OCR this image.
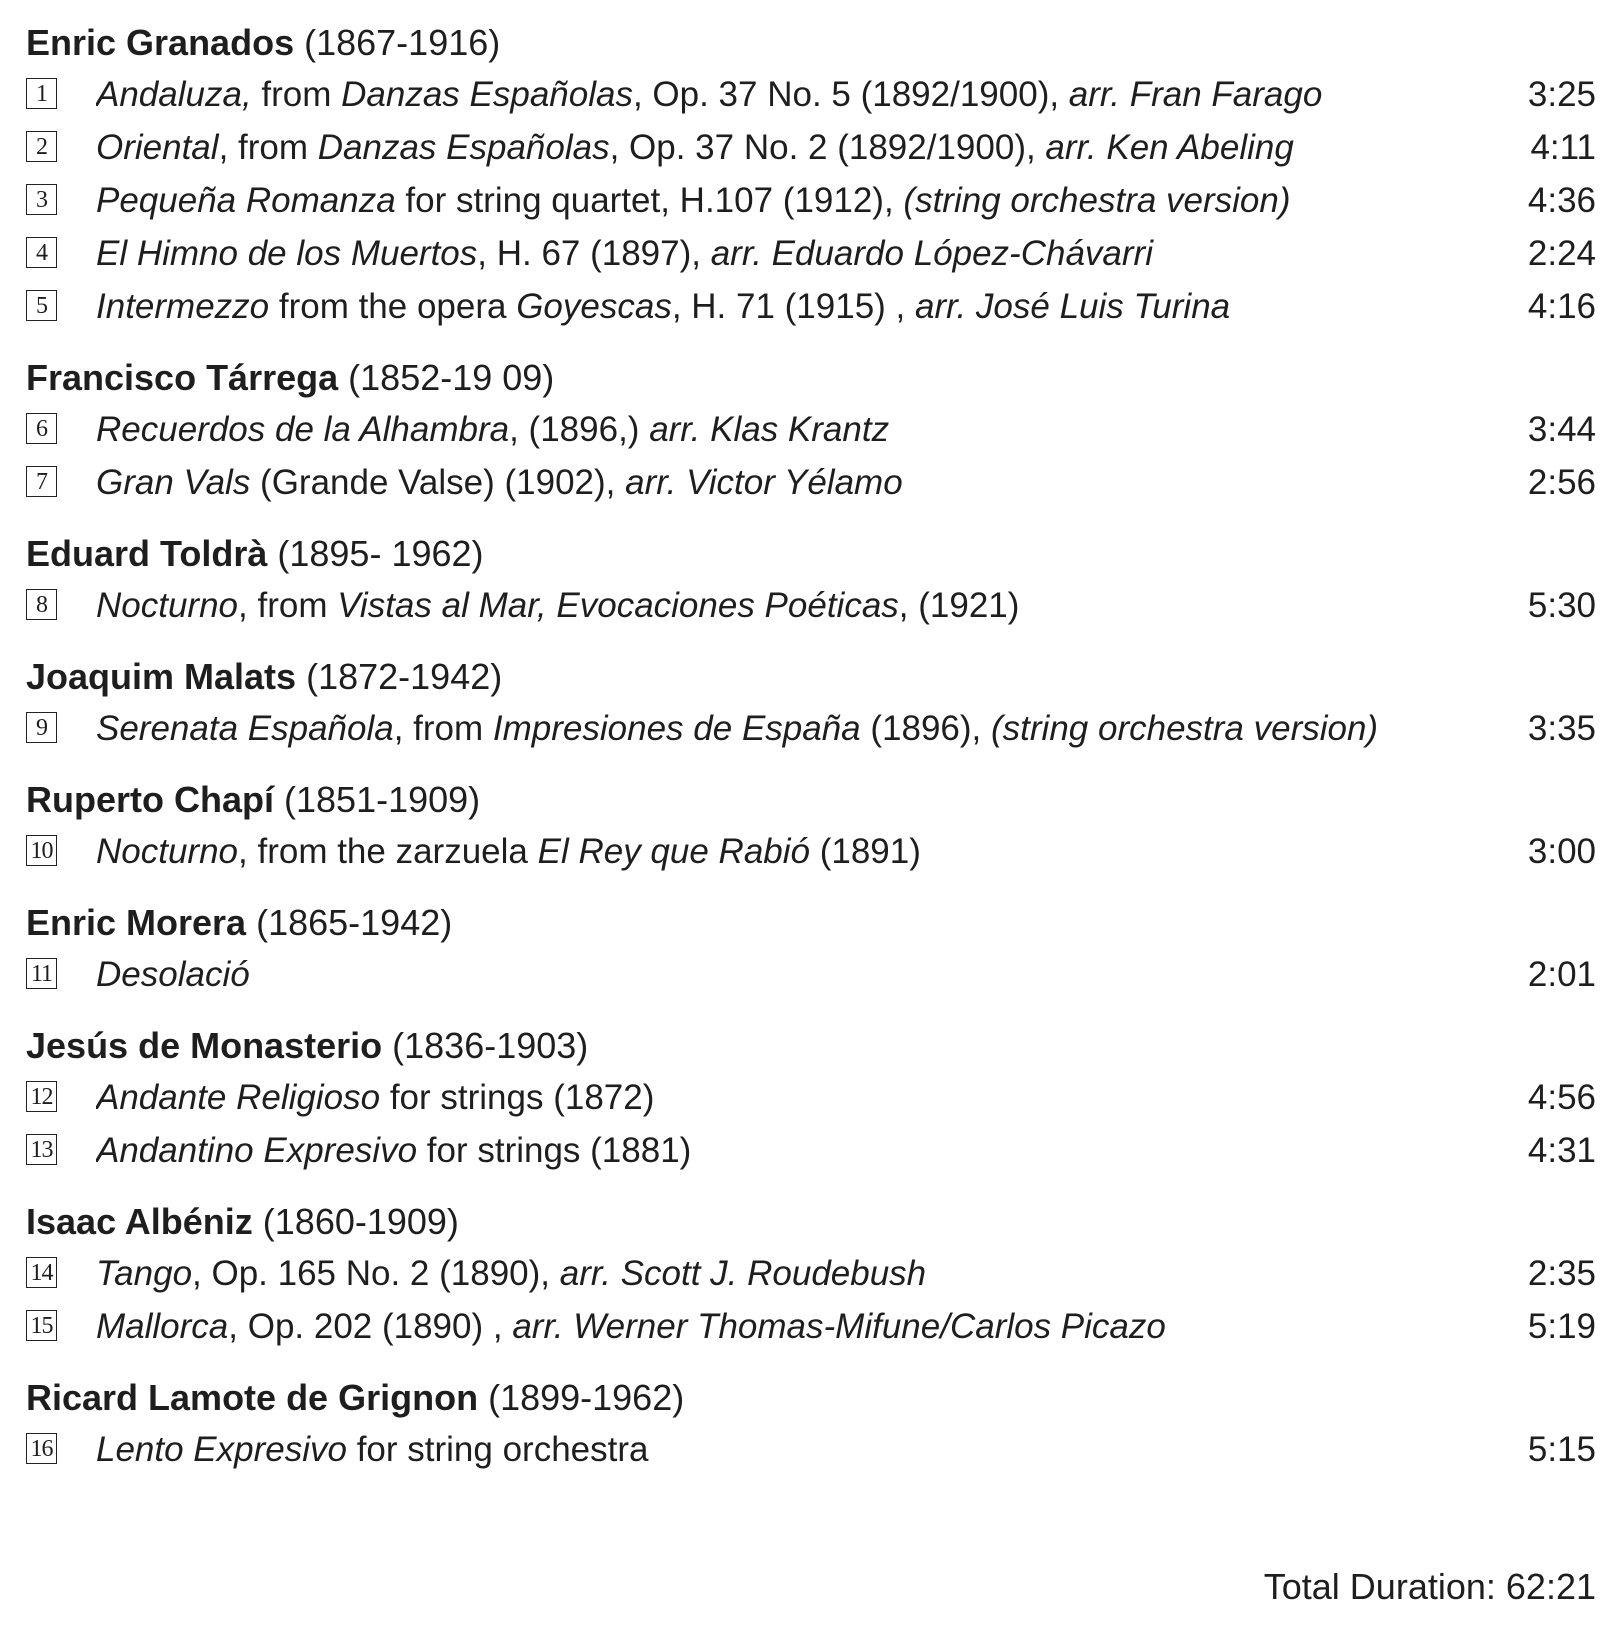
Enric Granados (1867-1916)
1 Andaluza, from Danzas Españolas, Op. 37 No. 5 (1892/1900), arr. Fran Farago	3:25
2 Oriental, from Danzas Españolas, Op. 37 No. 2 (1892/1900), arr. Ken Abeling	4:11
3 Pequeña Romanza for string quartet, H.107 (1912), (string orchestra version)	4:36
4 El Himno de los Muertos, H. 67 (1897), arr. Eduardo López-Chávarri	2:24
5 Intermezzo from the opera Goyescas, H. 71 (1915) , arr. José Luis Turina	4:16
Francisco Tárrega (1852-19 09)
6 Recuerdos de la Alhambra, (1896,) arr. Klas Krantz	3:44
7 Gran Vals (Grande Valse) (1902), arr. Victor Yélamo	2:56
Eduard Toldrà (1895- 1962)
8 Nocturno, from Vistas al Mar, Evocaciones Poéticas, (1921)	5:30
Joaquim Malats (1872-1942)
9 Serenata Española, from Impresiones de España (1896), (string orchestra version)	3:35
Ruperto Chapí (1851-1909)
10 Nocturno, from the zarzuela El Rey que Rabió (1891)	3:00
Enric Morera (1865-1942)
11 Desolació	2:01
Jesús de Monasterio (1836-1903)
12 Andante Religioso for strings (1872)	4:56
13 Andantino Expresivo for strings (1881)	4:31
Isaac Albéniz (1860-1909)
14 Tango, Op. 165 No. 2 (1890), arr. Scott J. Roudebush	2:35
15 Mallorca, Op. 202 (1890) , arr. Werner Thomas-Mifune/Carlos Picazo	5:19
Ricard Lamote de Grignon (1899-1962)
16 Lento Expresivo for string orchestra	5:15
Total Duration: 62:21
